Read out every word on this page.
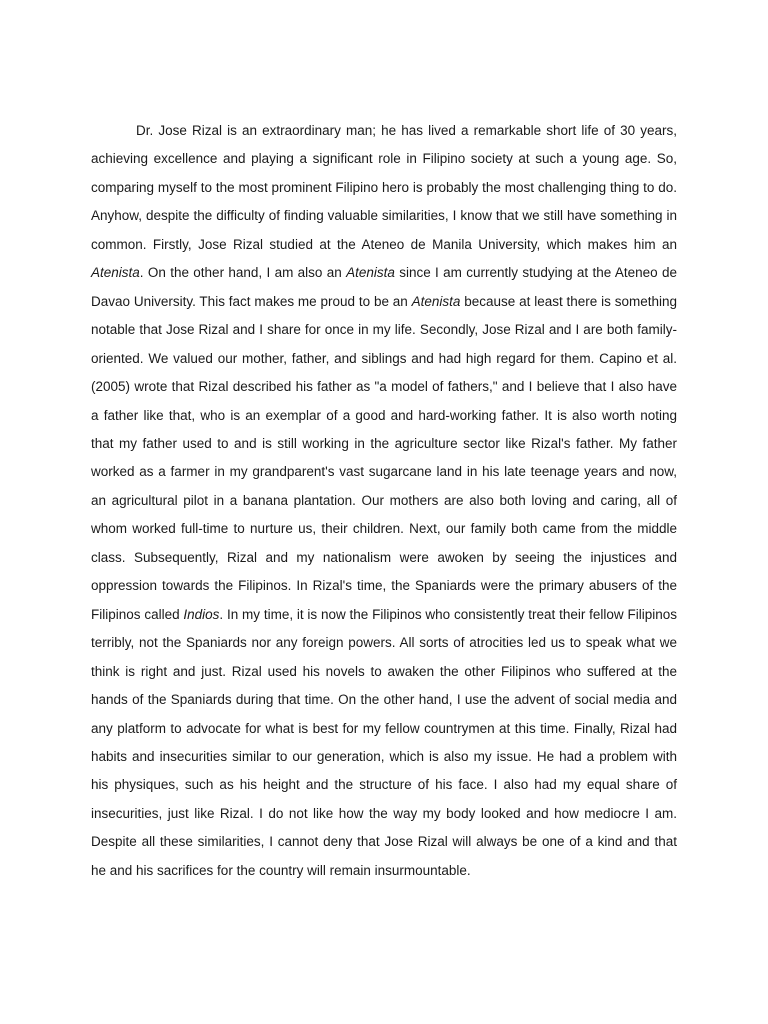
Dr. Jose Rizal is an extraordinary man; he has lived a remarkable short life of 30 years, achieving excellence and playing a significant role in Filipino society at such a young age. So, comparing myself to the most prominent Filipino hero is probably the most challenging thing to do. Anyhow, despite the difficulty of finding valuable similarities, I know that we still have something in common. Firstly, Jose Rizal studied at the Ateneo de Manila University, which makes him an Atenista. On the other hand, I am also an Atenista since I am currently studying at the Ateneo de Davao University. This fact makes me proud to be an Atenista because at least there is something notable that Jose Rizal and I share for once in my life. Secondly, Jose Rizal and I are both family-oriented. We valued our mother, father, and siblings and had high regard for them. Capino et al. (2005) wrote that Rizal described his father as "a model of fathers," and I believe that I also have a father like that, who is an exemplar of a good and hard-working father. It is also worth noting that my father used to and is still working in the agriculture sector like Rizal's father. My father worked as a farmer in my grandparent's vast sugarcane land in his late teenage years and now, an agricultural pilot in a banana plantation. Our mothers are also both loving and caring, all of whom worked full-time to nurture us, their children. Next, our family both came from the middle class. Subsequently, Rizal and my nationalism were awoken by seeing the injustices and oppression towards the Filipinos. In Rizal's time, the Spaniards were the primary abusers of the Filipinos called Indios. In my time, it is now the Filipinos who consistently treat their fellow Filipinos terribly, not the Spaniards nor any foreign powers. All sorts of atrocities led us to speak what we think is right and just. Rizal used his novels to awaken the other Filipinos who suffered at the hands of the Spaniards during that time. On the other hand, I use the advent of social media and any platform to advocate for what is best for my fellow countrymen at this time. Finally, Rizal had habits and insecurities similar to our generation, which is also my issue. He had a problem with his physiques, such as his height and the structure of his face. I also had my equal share of insecurities, just like Rizal. I do not like how the way my body looked and how mediocre I am. Despite all these similarities, I cannot deny that Jose Rizal will always be one of a kind and that he and his sacrifices for the country will remain insurmountable.
